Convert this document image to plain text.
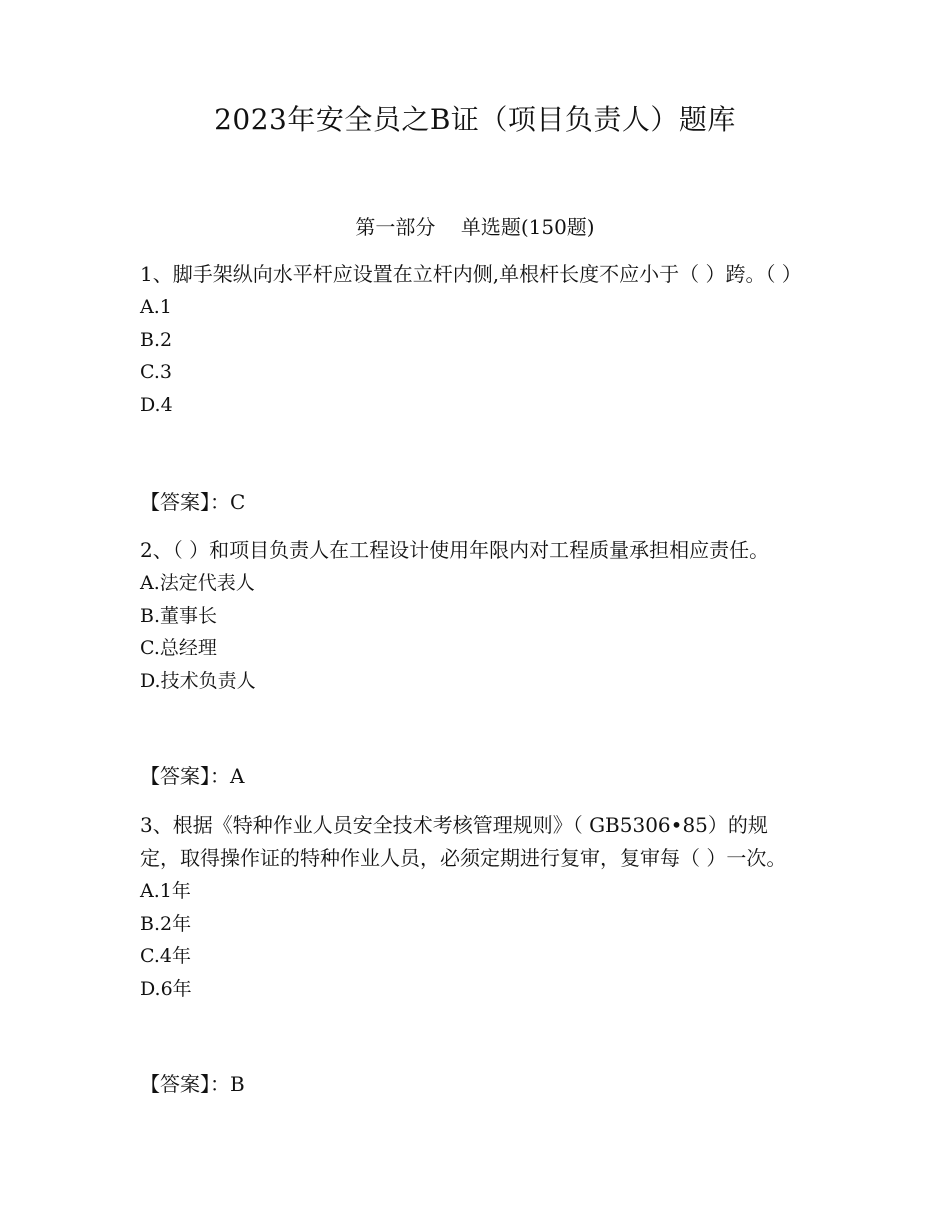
2023年安全员之B证（项目负责人）题库
第一部分    单选题(150题)

1、脚手架纵向水平杆应设置在立杆内侧,单根杆长度不应小于（ ）跨。（ ）

A.1
B.2
C.3
D.4
【答案】：C

2、（ ）和项目负责人在工程设计使用年限内对工程质量承担相应责任。

A.法定代表人
B.董事长
C.总经理
D.技术负责人
【答案】：A

3、根据《特种作业人员安全技术考核管理规则》（ GB5306•85）的规定，取得操作证的特种作业人员，必须定期进行复审，复审每（ ）一次。

A.1年
B.2年
C.4年
D.6年
【答案】：B
